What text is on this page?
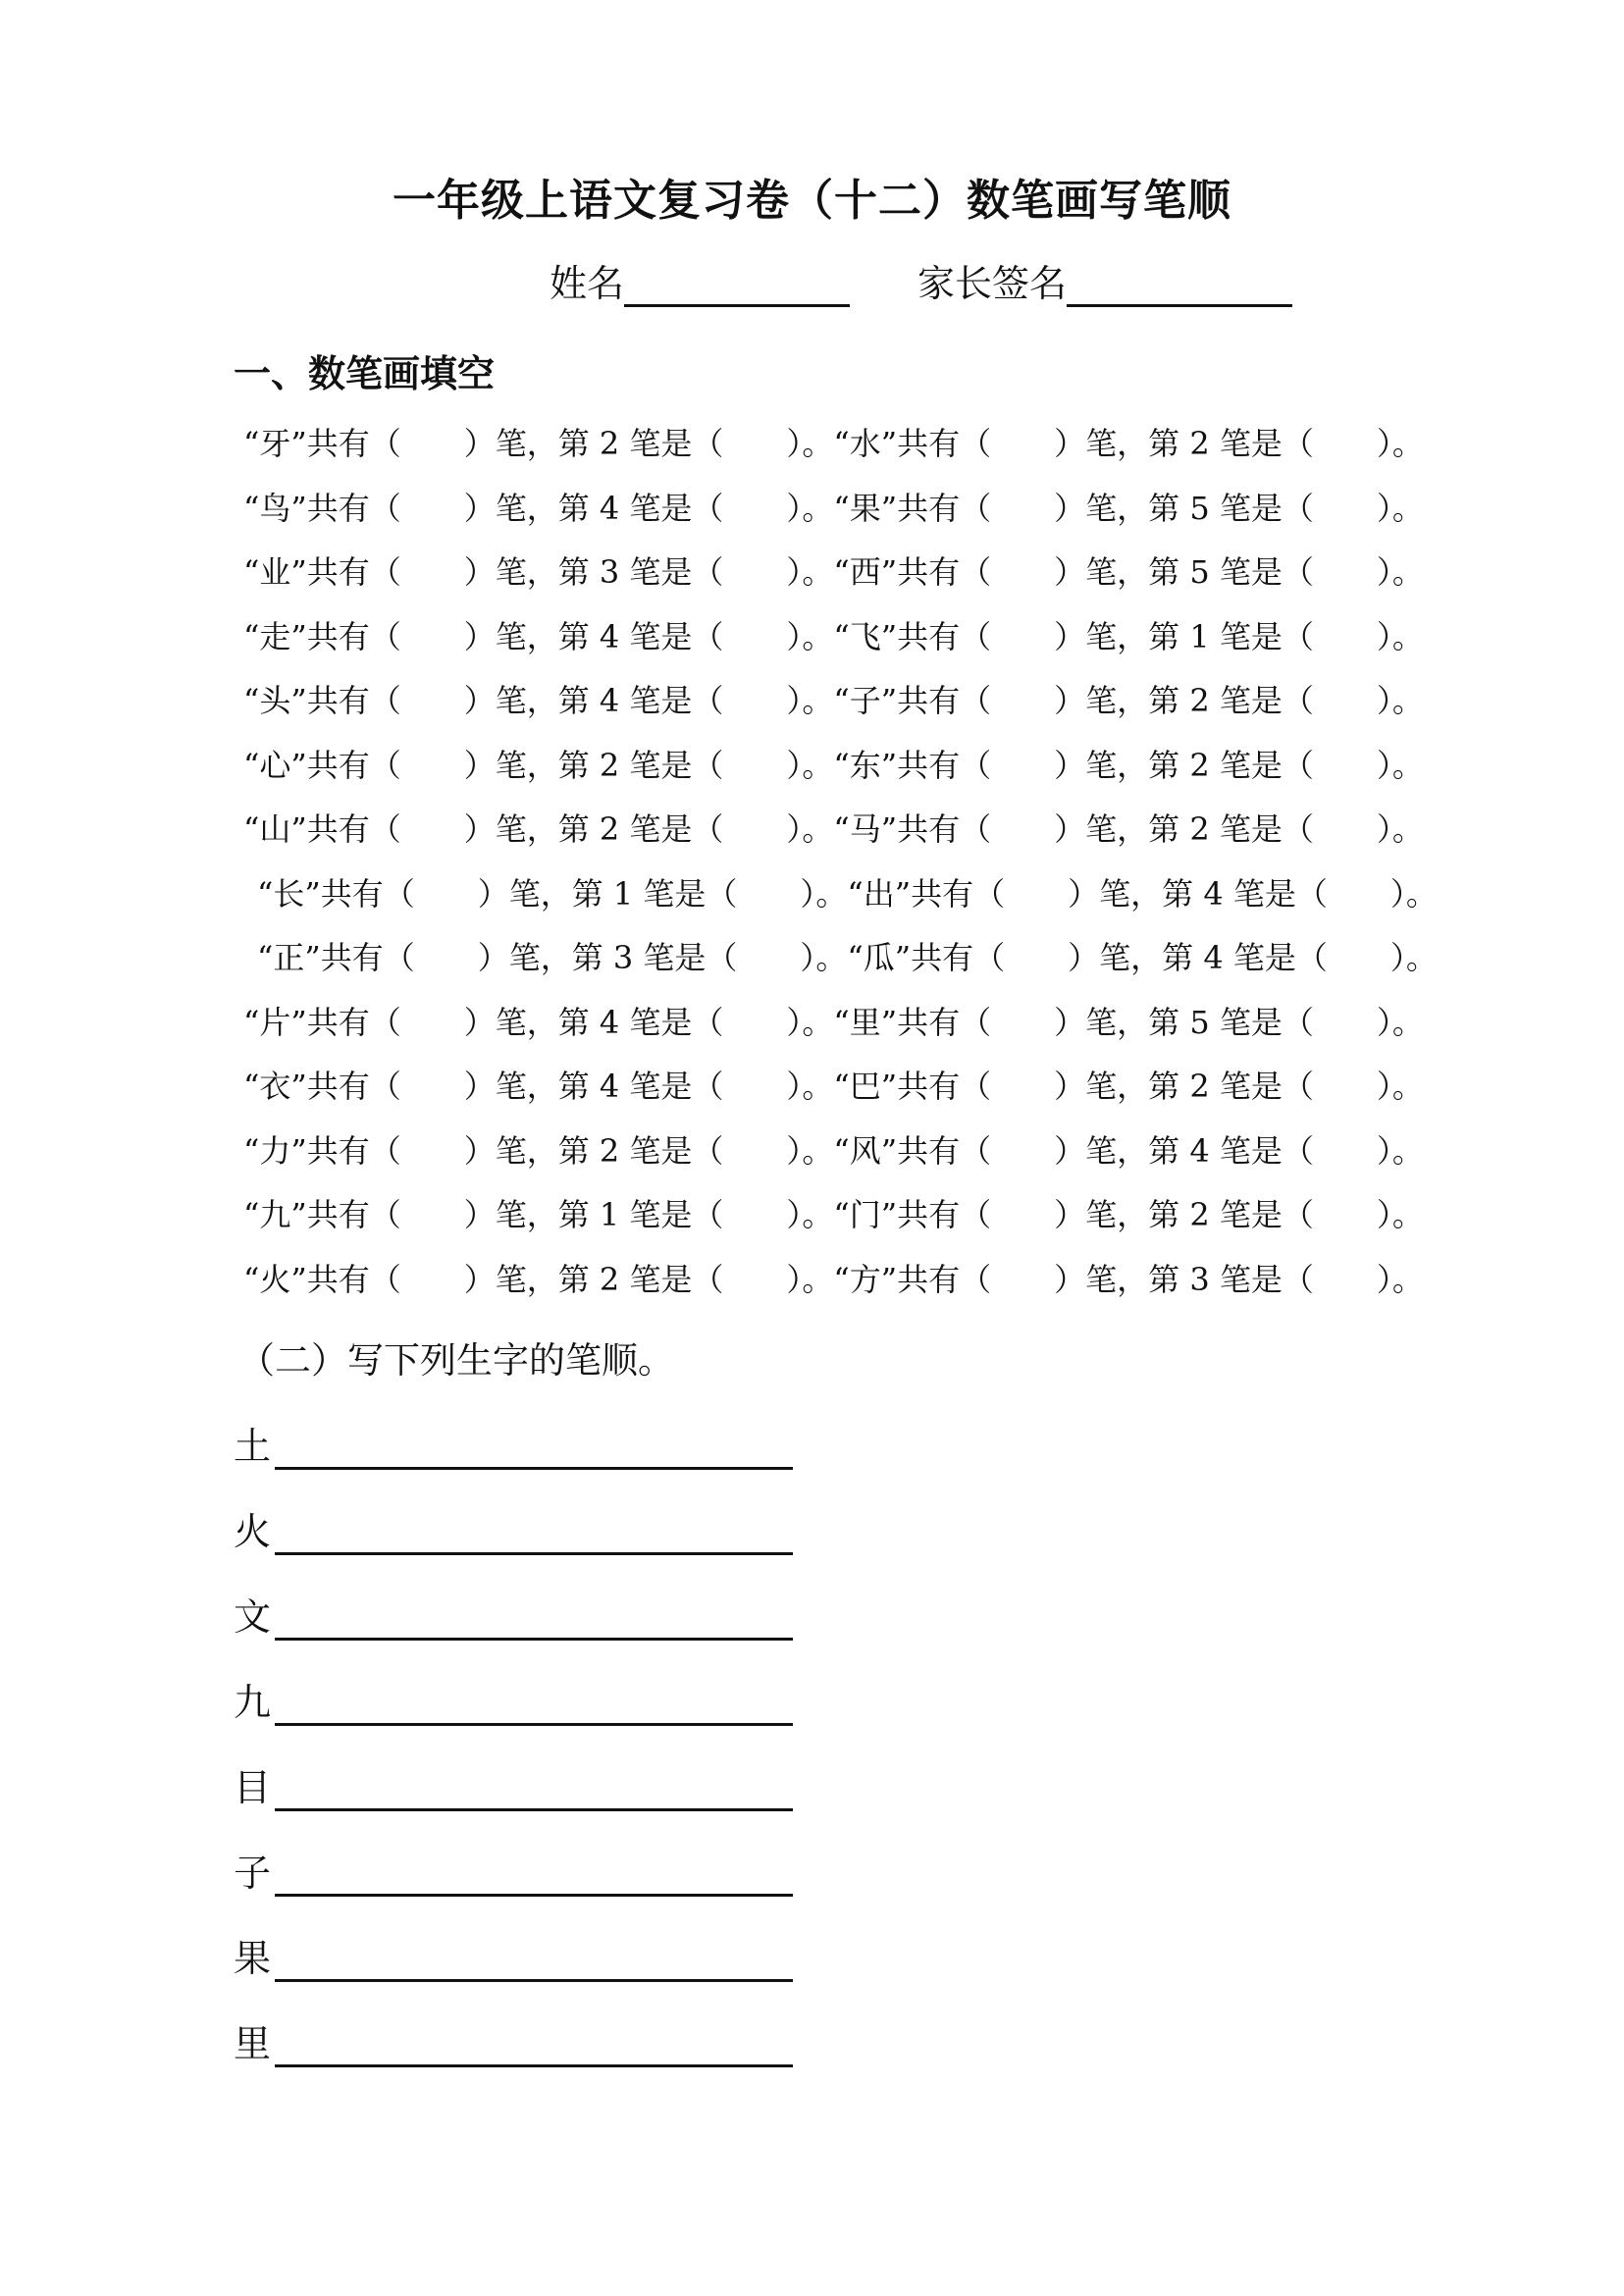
一年级上语文复习卷（十二）数笔画写笔顺
姓名	家长签名
一、数笔画填空
“牙”共有（　　）笔，第 2 笔是（　　）。“水”共有（　　）笔，第 2 笔是（　　）。
“鸟”共有（　　）笔，第 4 笔是（　　）。“果”共有（　　）笔，第 5 笔是（　　）。
“业”共有（　　）笔，第 3 笔是（　　）。“西”共有（　　）笔，第 5 笔是（　　）。
“走”共有（　　）笔，第 4 笔是（　　）。“飞”共有（　　）笔，第 1 笔是（　　）。
“头”共有（　　）笔，第 4 笔是（　　）。“子”共有（　　）笔，第 2 笔是（　　）。
“心”共有（　　）笔，第 2 笔是（　　）。“东”共有（　　）笔，第 2 笔是（　　）。
“山”共有（　　）笔，第 2 笔是（　　）。“马”共有（　　）笔，第 2 笔是（　　）。
“长”共有（　　）笔，第 1 笔是（　　）。“出”共有（　　）笔，第 4 笔是（　　）。
“正”共有（　　）笔，第 3 笔是（　　）。“瓜”共有（　　）笔，第 4 笔是（　　）。
“片”共有（　　）笔，第 4 笔是（　　）。“里”共有（　　）笔，第 5 笔是（　　）。
“衣”共有（　　）笔，第 4 笔是（　　）。“巴”共有（　　）笔，第 2 笔是（　　）。
“力”共有（　　）笔，第 2 笔是（　　）。“风”共有（　　）笔，第 4 笔是（　　）。
“九”共有（　　）笔，第 1 笔是（　　）。“门”共有（　　）笔，第 2 笔是（　　）。
“火”共有（　　）笔，第 2 笔是（　　）。“方”共有（　　）笔，第 3 笔是（　　）。
（二）写下列生字的笔顺。
土
火
文
九
目
子
果
里
